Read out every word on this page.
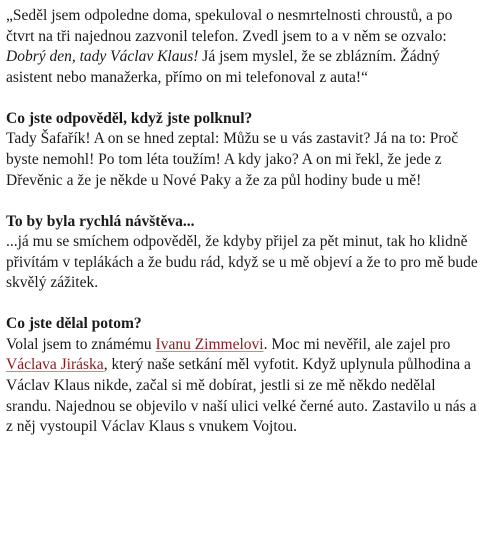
„Seděl jsem odpoledne doma, spekuloval o nesmrtelnosti chroustů, a po čtvrt na tři najednou zazvonil telefon. Zvedl jsem to a v něm se ozvalo: Dobrý den, tady Václav Klaus! Já jsem myslel, že se zblázním. Žádný asistent nebo manažerka, přímo on mi telefonoval z auta!“

Co jste odpověděl, když jste polknul?
Tady Šafařík! A on se hned zeptal: Můžu se u vás zastavit? Já na to: Proč byste nemohl! Po tom léta toužím! A kdy jako? A on mi řekl, že jede z Dřevěnic a že je někde u Nové Paky a že za půl hodiny bude u mě!

To by byla rychlá návštěva...
...já mu se smíchem odpověděl, že kdyby přijel za pět minut, tak ho klidně přivítám v teplákách a že budu rád, když se u mě objeví a že to pro mě bude skvělý zážitek.

Co jste dělal potom?
Volal jsem to známému Ivanu Zimmelovi. Moc mi nevěřil, ale zajel pro Václava Jiráska, který naše setkání měl vyfotit. Když uplynula půlhodina a Václav Klaus nikde, začal si mě dobírat, jestli si ze mě někdo nedělal srandu. Najednou se objevilo v naší ulici velké černé auto. Zastavilo u nás a z něj vystoupil Václav Klaus s vnukem Vojtou.
